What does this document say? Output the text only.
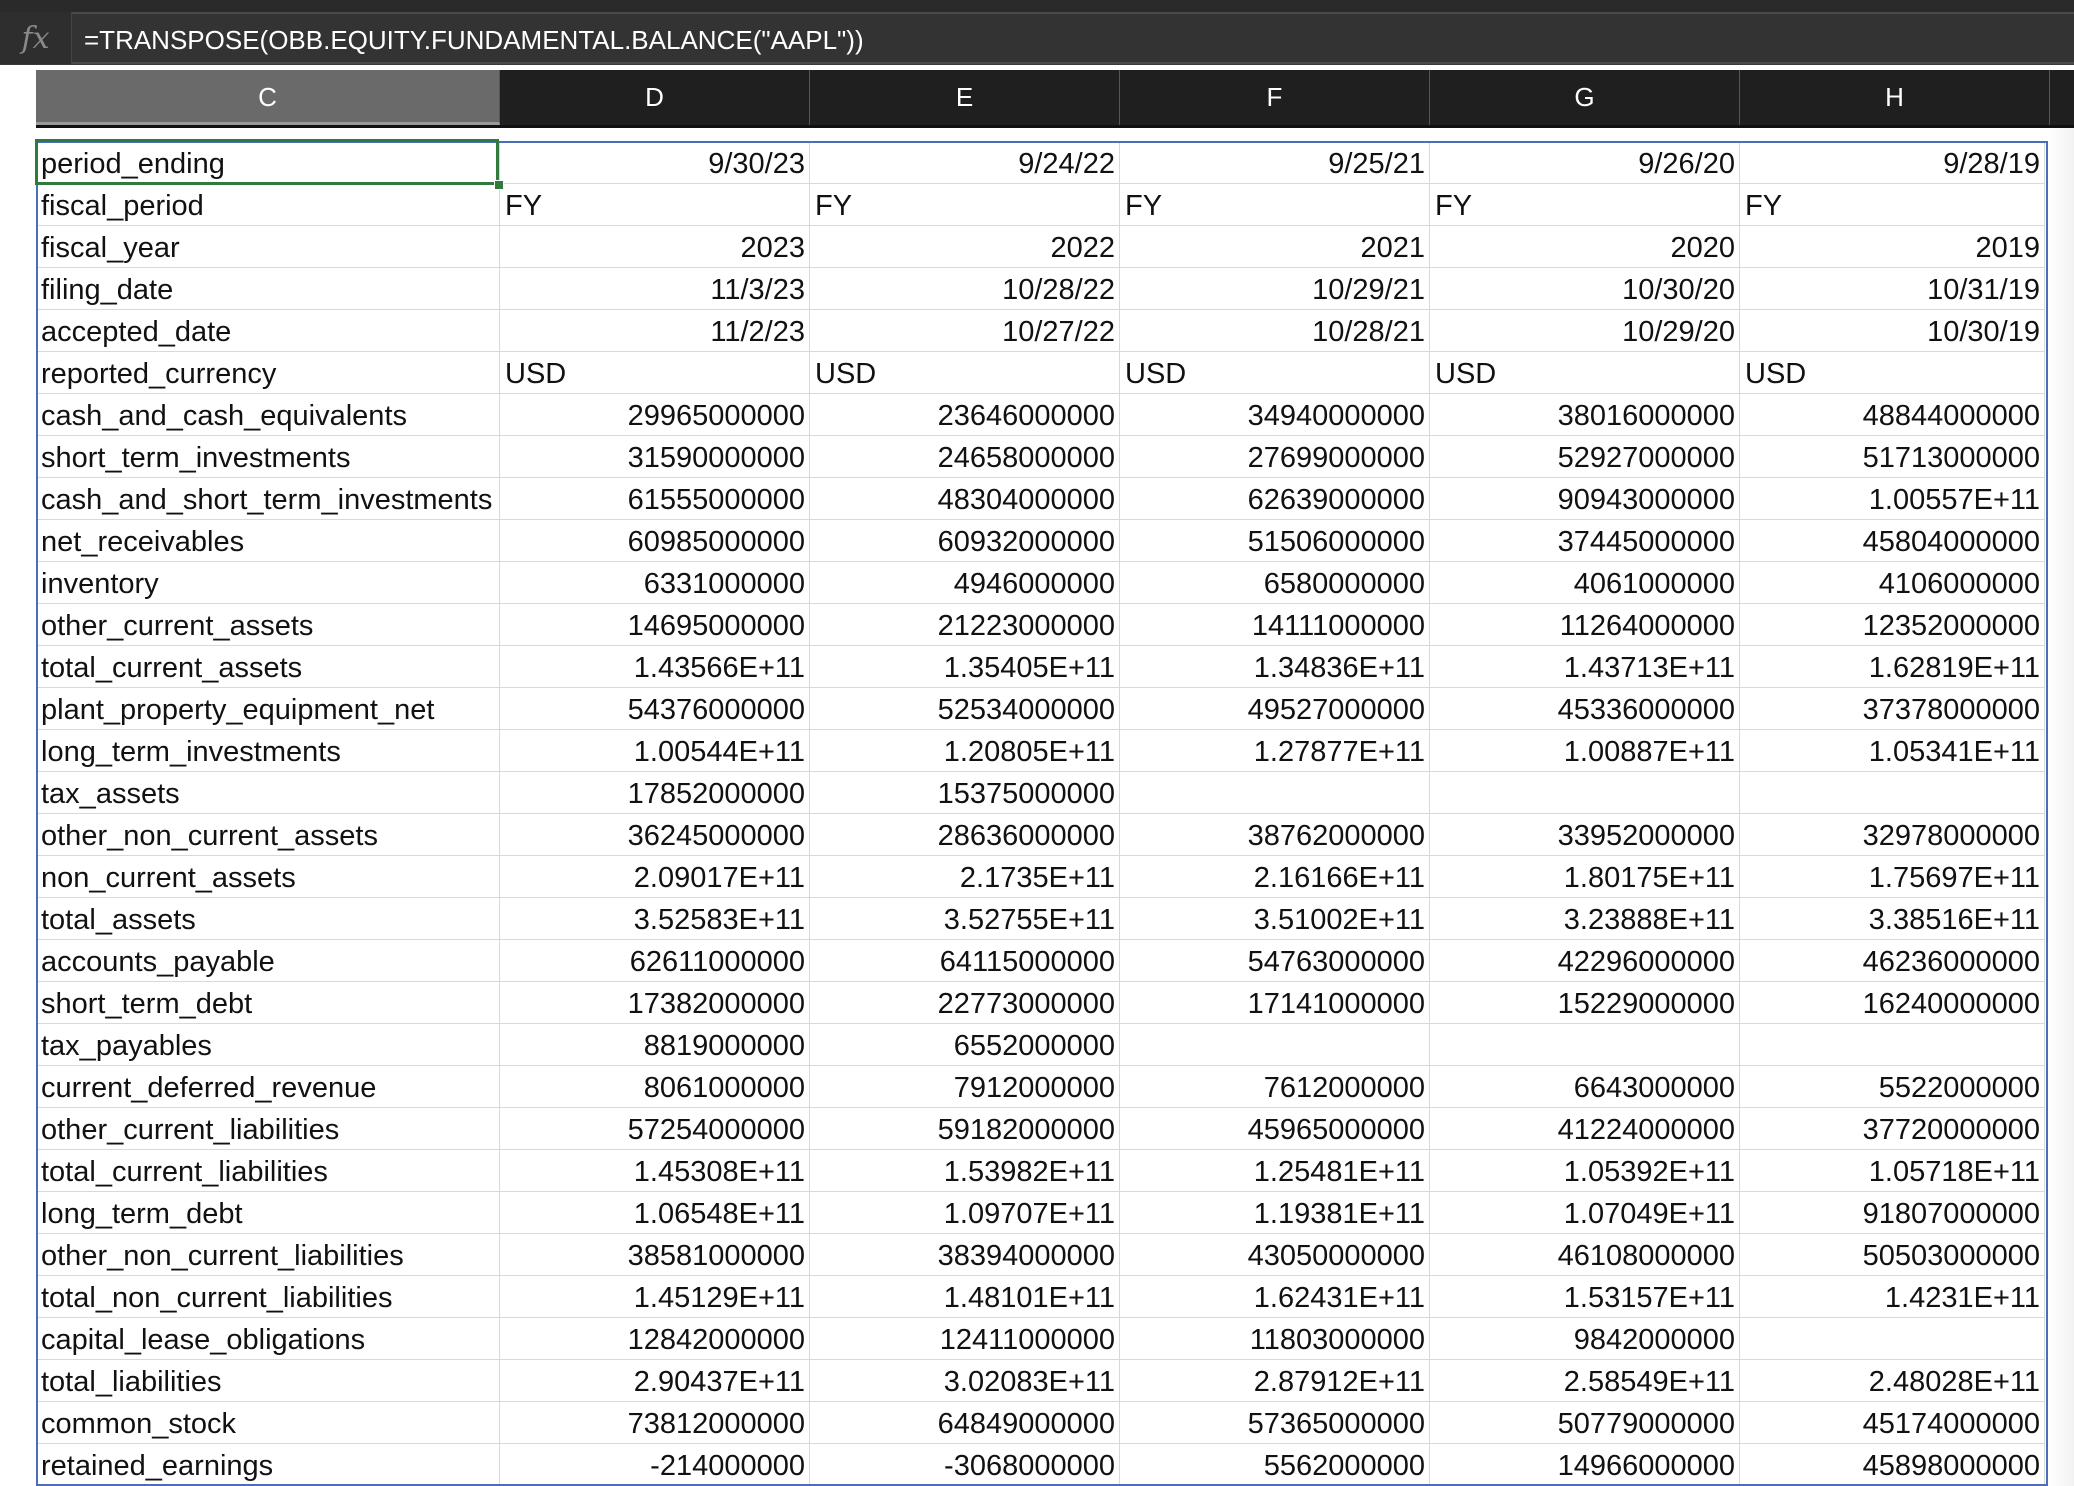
fx	=TRANSPOSE(OBB.EQUITY.FUNDAMENTAL.BALANCE("AAPL"))
C	D	E	F	G	H
period_ending	9/30/23	9/24/22	9/25/21	9/26/20	9/28/19
fiscal_period	FY	FY	FY	FY	FY
fiscal_year	2023	2022	2021	2020	2019
filing_date	11/3/23	10/28/22	10/29/21	10/30/20	10/31/19
accepted_date	11/2/23	10/27/22	10/28/21	10/29/20	10/30/19
reported_currency	USD	USD	USD	USD	USD
cash_and_cash_equivalents	29965000000	23646000000	34940000000	38016000000	48844000000
short_term_investments	31590000000	24658000000	27699000000	52927000000	51713000000
cash_and_short_term_investments	61555000000	48304000000	62639000000	90943000000	1.00557E+11
net_receivables	60985000000	60932000000	51506000000	37445000000	45804000000
inventory	6331000000	4946000000	6580000000	4061000000	4106000000
other_current_assets	14695000000	21223000000	14111000000	11264000000	12352000000
total_current_assets	1.43566E+11	1.35405E+11	1.34836E+11	1.43713E+11	1.62819E+11
plant_property_equipment_net	54376000000	52534000000	49527000000	45336000000	37378000000
long_term_investments	1.00544E+11	1.20805E+11	1.27877E+11	1.00887E+11	1.05341E+11
tax_assets	17852000000	15375000000
other_non_current_assets	36245000000	28636000000	38762000000	33952000000	32978000000
non_current_assets	2.09017E+11	2.1735E+11	2.16166E+11	1.80175E+11	1.75697E+11
total_assets	3.52583E+11	3.52755E+11	3.51002E+11	3.23888E+11	3.38516E+11
accounts_payable	62611000000	64115000000	54763000000	42296000000	46236000000
short_term_debt	17382000000	22773000000	17141000000	15229000000	16240000000
tax_payables	8819000000	6552000000
current_deferred_revenue	8061000000	7912000000	7612000000	6643000000	5522000000
other_current_liabilities	57254000000	59182000000	45965000000	41224000000	37720000000
total_current_liabilities	1.45308E+11	1.53982E+11	1.25481E+11	1.05392E+11	1.05718E+11
long_term_debt	1.06548E+11	1.09707E+11	1.19381E+11	1.07049E+11	91807000000
other_non_current_liabilities	38581000000	38394000000	43050000000	46108000000	50503000000
total_non_current_liabilities	1.45129E+11	1.48101E+11	1.62431E+11	1.53157E+11	1.4231E+11
capital_lease_obligations	12842000000	12411000000	11803000000	9842000000
total_liabilities	2.90437E+11	3.02083E+11	2.87912E+11	2.58549E+11	2.48028E+11
common_stock	73812000000	64849000000	57365000000	50779000000	45174000000
retained_earnings	-214000000	-3068000000	5562000000	14966000000	45898000000
